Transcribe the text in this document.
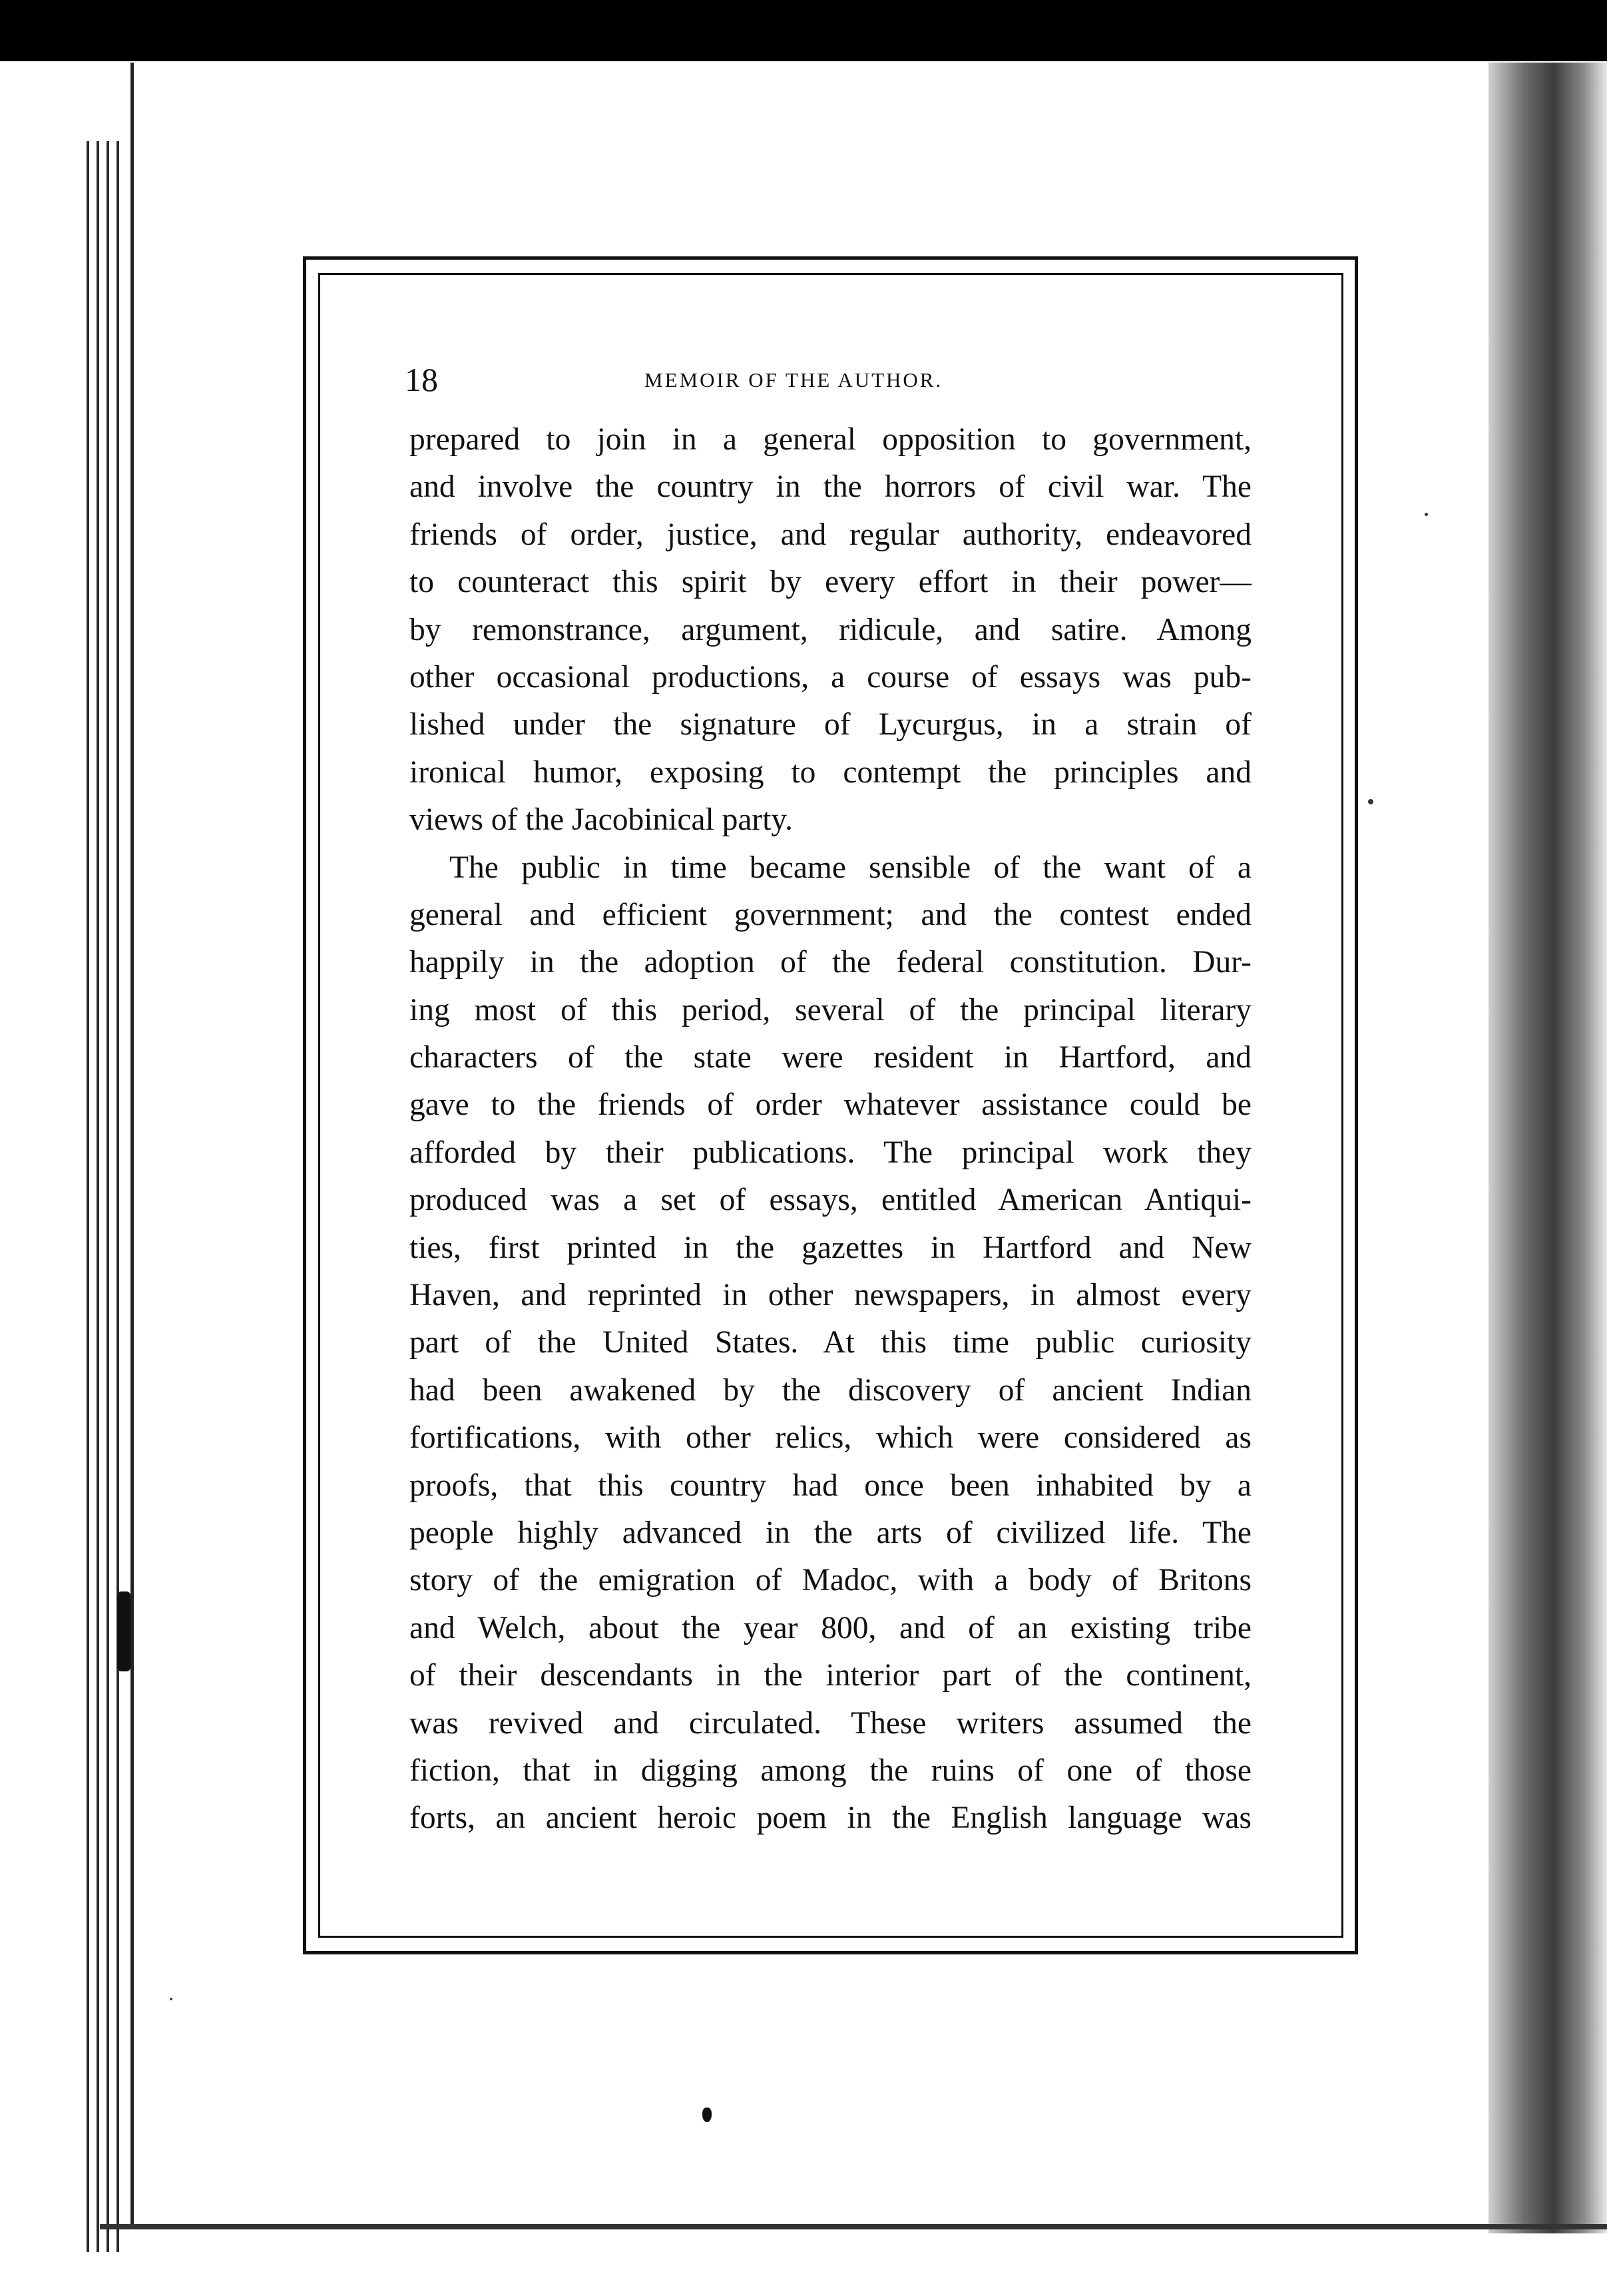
18	MEMOIR OF THE AUTHOR.
prepared to join in a general opposition to government,
and involve the country in the horrors of civil war. The
friends of order, justice, and regular authority, endeavored
to counteract this spirit by every effort in their power—
by remonstrance, argument, ridicule, and satire. Among
other occasional productions, a course of essays was pub-
lished under the signature of Lycurgus, in a strain of
ironical humor, exposing to contempt the principles and
views of the Jacobinical party.
The public in time became sensible of the want of a
general and efficient government; and the contest ended
happily in the adoption of the federal constitution. Dur-
ing most of this period, several of the principal literary
characters of the state were resident in Hartford, and
gave to the friends of order whatever assistance could be
afforded by their publications. The principal work they
produced was a set of essays, entitled American Antiqui-
ties, first printed in the gazettes in Hartford and New
Haven, and reprinted in other newspapers, in almost every
part of the United States. At this time public curiosity
had been awakened by the discovery of ancient Indian
fortifications, with other relics, which were considered as
proofs, that this country had once been inhabited by a
people highly advanced in the arts of civilized life. The
story of the emigration of Madoc, with a body of Britons
and Welch, about the year 800, and of an existing tribe
of their descendants in the interior part of the continent,
was revived and circulated. These writers assumed the
fiction, that in digging among the ruins of one of those
forts, an ancient heroic poem in the English language was
